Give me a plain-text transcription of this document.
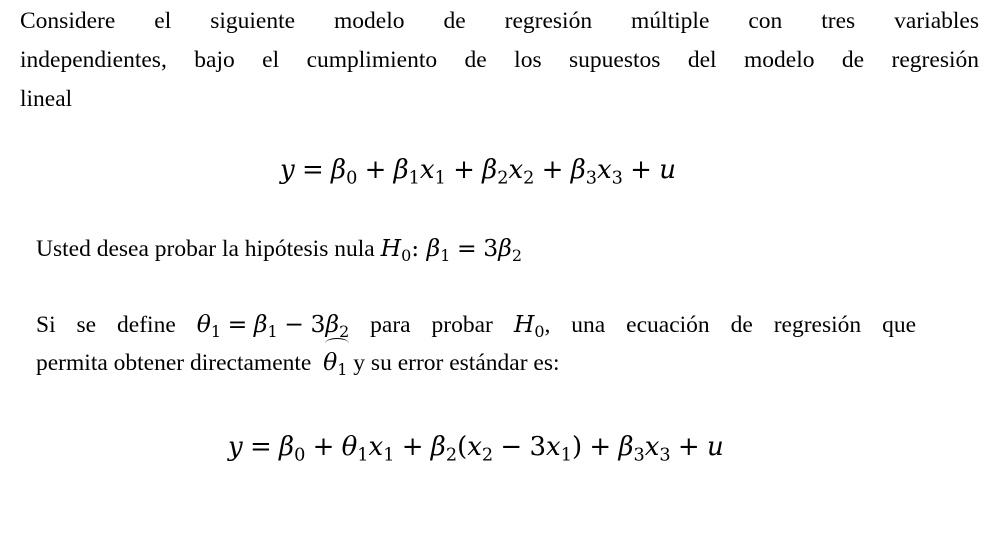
Considere el siguiente modelo de regresión múltiple con tres variables
independientes, bajo el cumplimiento de los supuestos del modelo de regresión
lineal
$y = \beta_0 + \beta_1x_1 + \beta_2x_2 + \beta_3x_3 + u$
Usted desea probar la hipótesis nula $H_0$: $\beta_1 = 3\beta_2$
Si se define $\theta_1 = \beta_1 - 3\beta_2$ para probar $H_0$, una ecuación de regresión que
permita obtener directamente $\theta_1$ y su error estándar es:
$y = \beta_0 + \theta_1x_1 + \beta_2(x_2 - 3x_1) + \beta_3x_3 + u$
